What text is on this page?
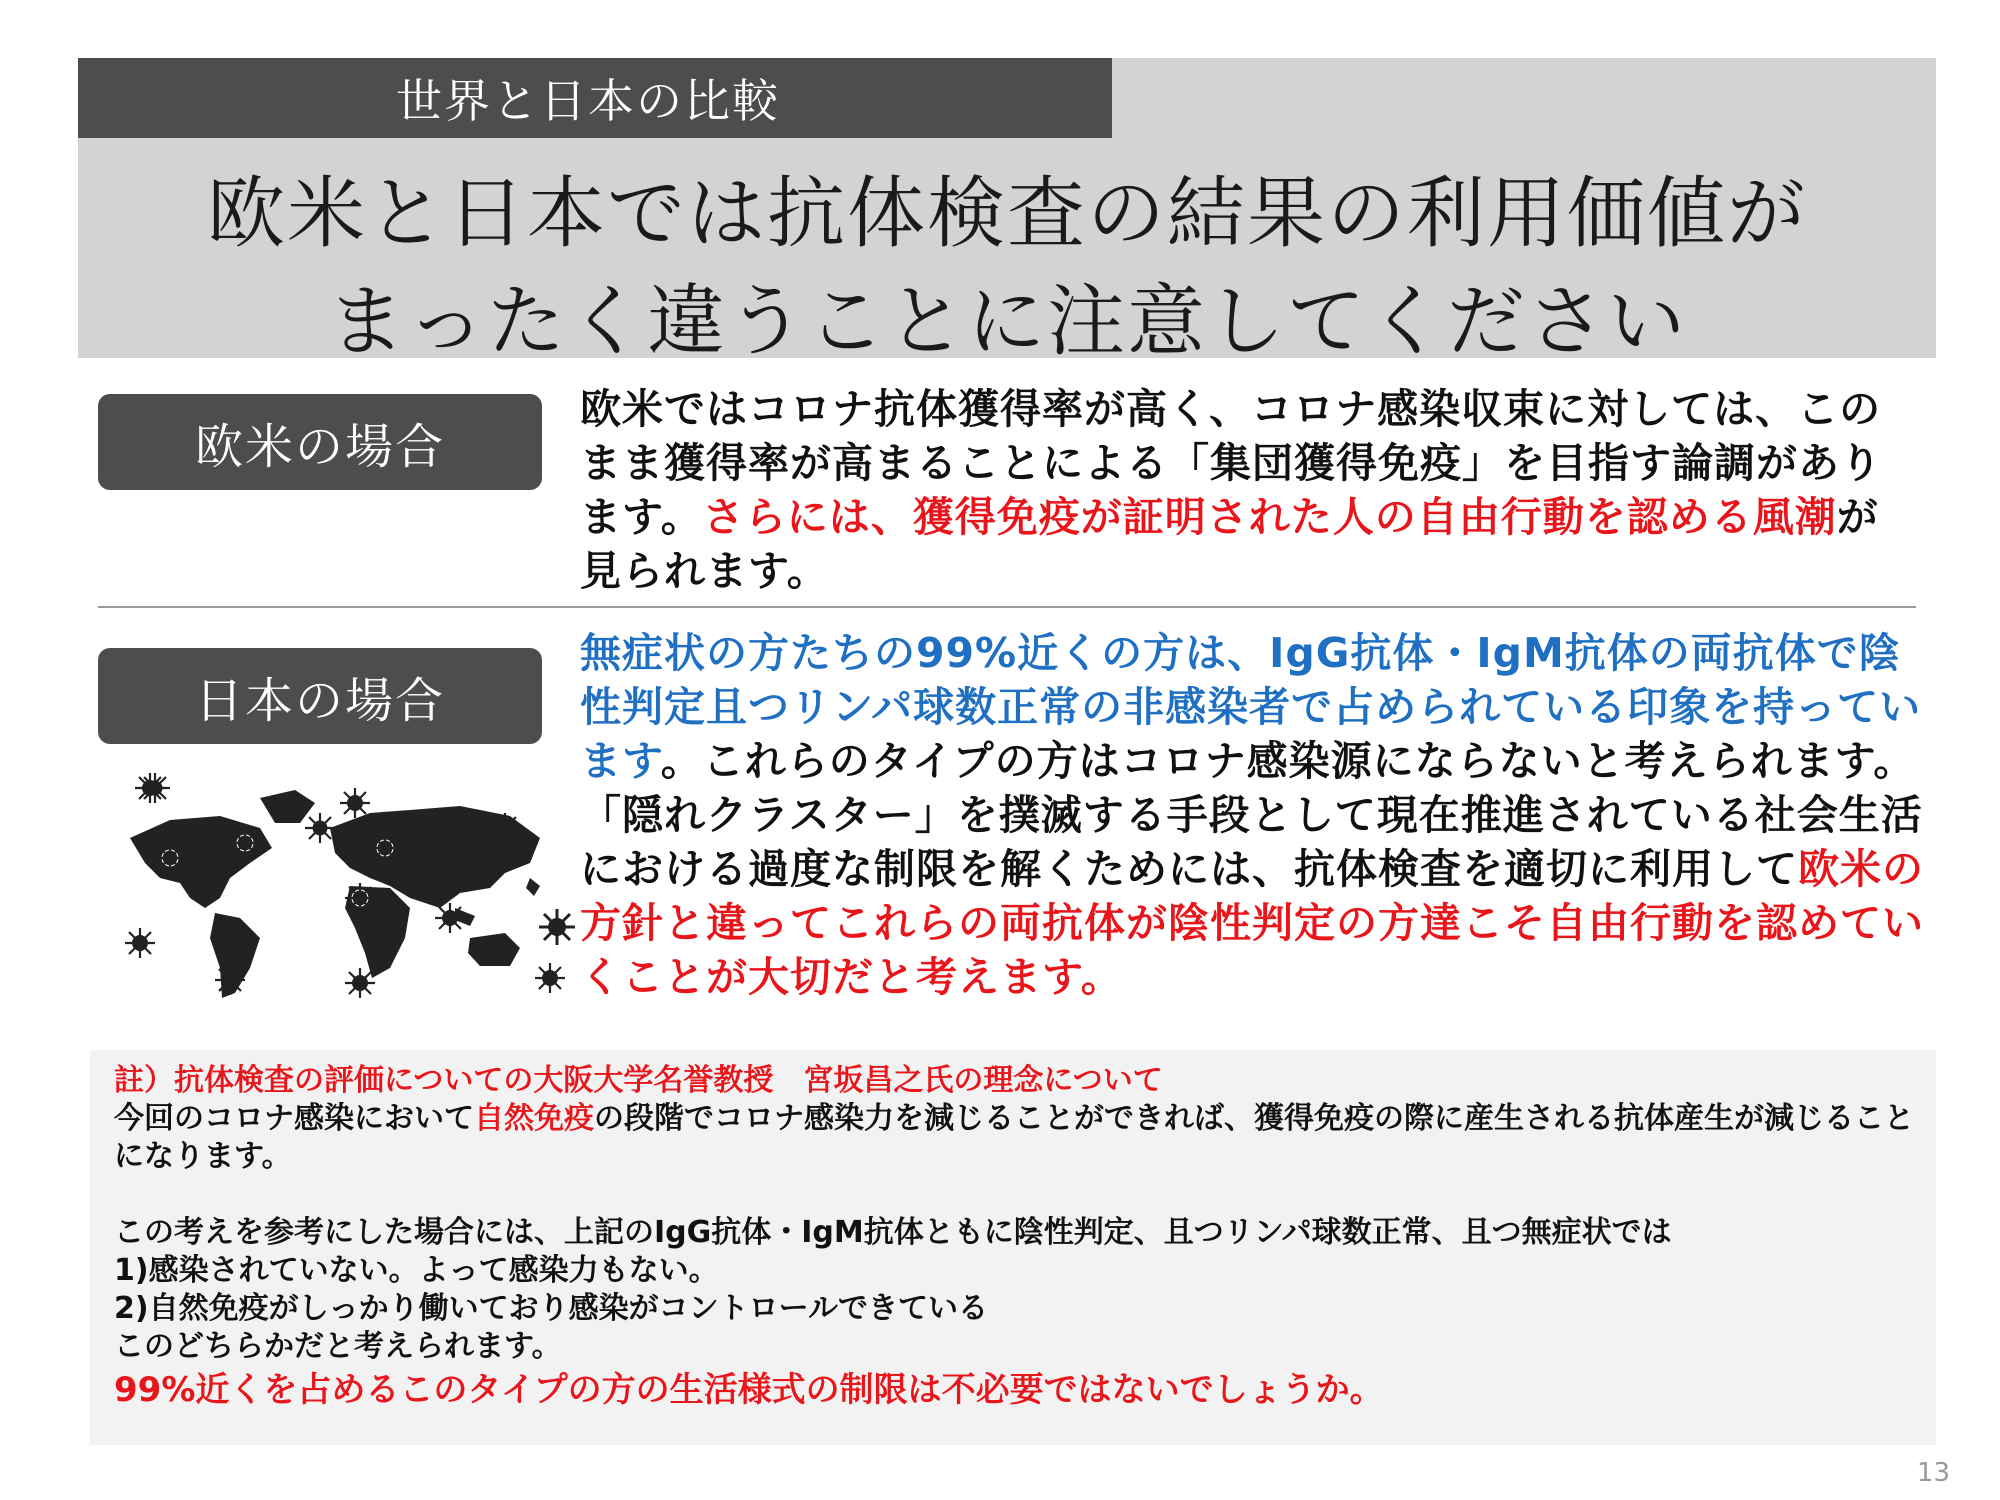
世界と日本の比較
欧米と日本では抗体検査の結果の利用価値が
まったく違うことに注意してください
欧米の場合
欧米ではコロナ抗体獲得率が高く、コロナ感染収束に対しては、このまま獲得率が高まることによる「集団獲得免疫」を目指す論調があります。さらには、獲得免疫が証明された人の自由行動を認める風潮が見られます。
日本の場合
無症状の方たちの99%近くの方は、IgG抗体・IgM抗体の両抗体で陰性判定且つリンパ球数正常の非感染者で占められている印象を持っています。これらのタイプの方はコロナ感染源にならないと考えられます。「隠れクラスター」を撲滅する手段として現在推進されている社会生活における過度な制限を解くためには、抗体検査を適切に利用して欧米の方針と違ってこれらの両抗体が陰性判定の方達こそ自由行動を認めていくことが大切だと考えます。

註）抗体検査の評価についての大阪大学名誉教授　宮坂昌之氏の理念について

今回のコロナ感染において自然免疫の段階でコロナ感染力を減じることができれば、獲得免疫の際に産生される抗体産生が減じることになります。

この考えを参考にした場合には、上記のIgG抗体・IgM抗体ともに陰性判定、且つリンパ球数正常、且つ無症状では

1)感染されていない。よって感染力もない。

2)自然免疫がしっかり働いており感染がコントロールできている

このどちらかだと考えられます。

99%近くを占めるこのタイプの方の生活様式の制限は不必要ではないでしょうか。

13
